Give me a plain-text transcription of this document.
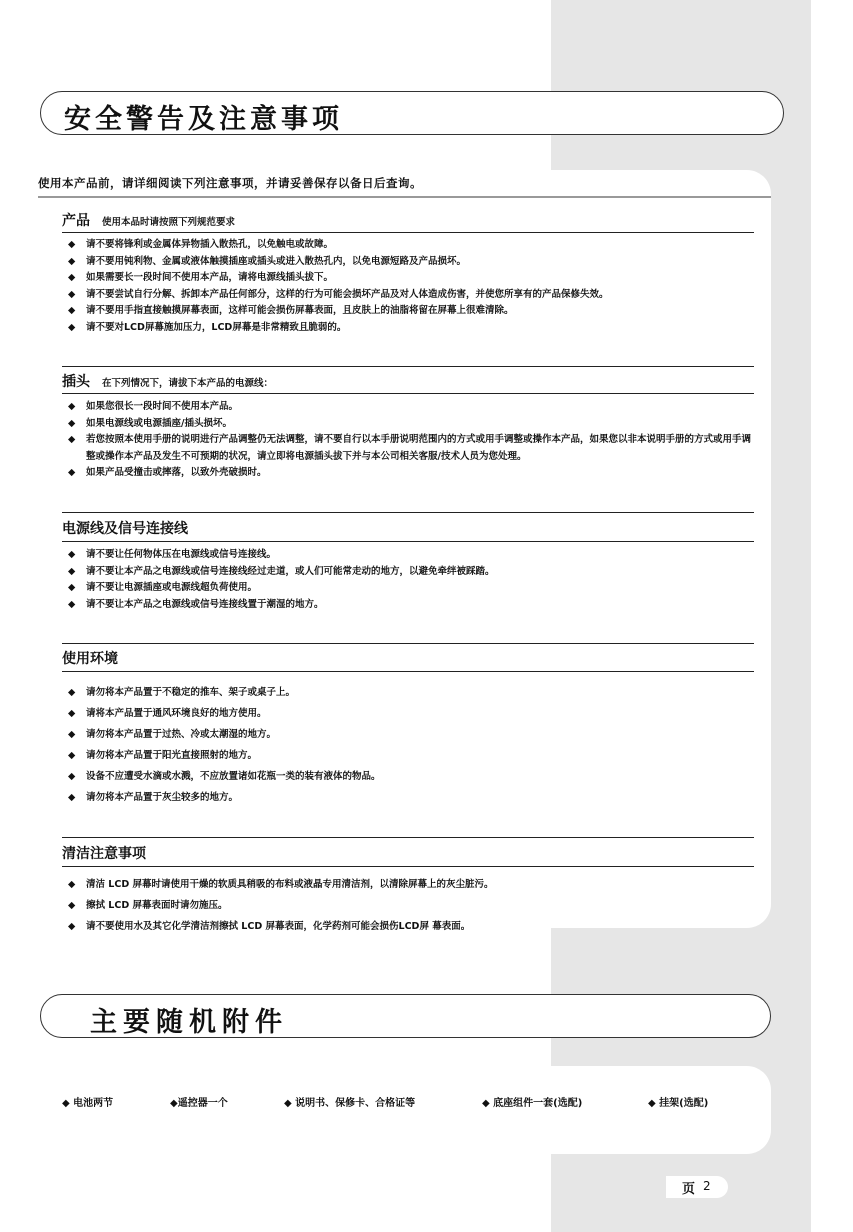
安全警告及注意事项
使用本产品前，请详细阅读下列注意事项，并请妥善保存以备日后查询。
产品 使用本品时请按照下列规范要求
◆ 请不要将锋利或金属体异物插入散热孔，以免触电或故障。
◆ 请不要用钝利物、金属或液体触摸插座或插头或进入散热孔内，以免电源短路及产品损坏。
◆ 如果需要长一段时间不使用本产品，请将电源线插头拔下。
◆ 请不要尝试自行分解、拆卸本产品任何部分，这样的行为可能会损坏产品及对人体造成伤害，并使您所享有的产品保修失效。
◆ 请不要用手指直接触摸屏幕表面，这样可能会损伤屏幕表面，且皮肤上的油脂将留在屏幕上很难清除。
◆ 请不要对LCD屏幕施加压力，LCD屏幕是非常精致且脆弱的。
插头 在下列情况下，请拔下本产品的电源线：
◆ 如果您很长一段时间不使用本产品。
◆ 如果电源线或电源插座/插头损坏。
◆ 若您按照本使用手册的说明进行产品调整仍无法调整，请不要自行以本手册说明范围内的方式或用手调整或操作本产品，如果您以非本说明手册的方式或用手调整或操作本产品及发生不可预期的状况，请立即将电源插头拔下并与本公司相关客服/技术人员为您处理。
◆ 如果产品受撞击或摔落，以致外壳破损时。
电源线及信号连接线
◆ 请不要让任何物体压在电源线或信号连接线。
◆ 请不要让本产品之电源线或信号连接线经过走道，或人们可能常走动的地方，以避免牵绊被踩踏。
◆ 请不要让电源插座或电源线超负荷使用。
◆ 请不要让本产品之电源线或信号连接线置于潮湿的地方。
使用环境
◆ 请勿将本产品置于不稳定的推车、架子或桌子上。
◆ 请将本产品置于通风环境良好的地方使用。
◆ 请勿将本产品置于过热、冷或太潮湿的地方。
◆ 请勿将本产品置于阳光直接照射的地方。
◆ 设备不应遭受水滴或水溅，不应放置诸如花瓶一类的装有液体的物品。
◆ 请勿将本产品置于灰尘较多的地方。
清洁注意事项
◆ 清洁 LCD 屏幕时请使用干燥的软质具稍吸的布料或液晶专用清洁剂，以清除屏幕上的灰尘脏污。
◆ 擦拭 LCD 屏幕表面时请勿施压。
◆ 请不要使用水及其它化学清洁剂擦拭 LCD 屏幕表面，化学药剂可能会损伤LCD屏 幕表面。
主要随机附件
◆ 电池两节	◆遥控器一个	◆ 说明书、保修卡、合格证等	◆ 底座组件一套(选配)	◆ 挂架(选配)
页 2
